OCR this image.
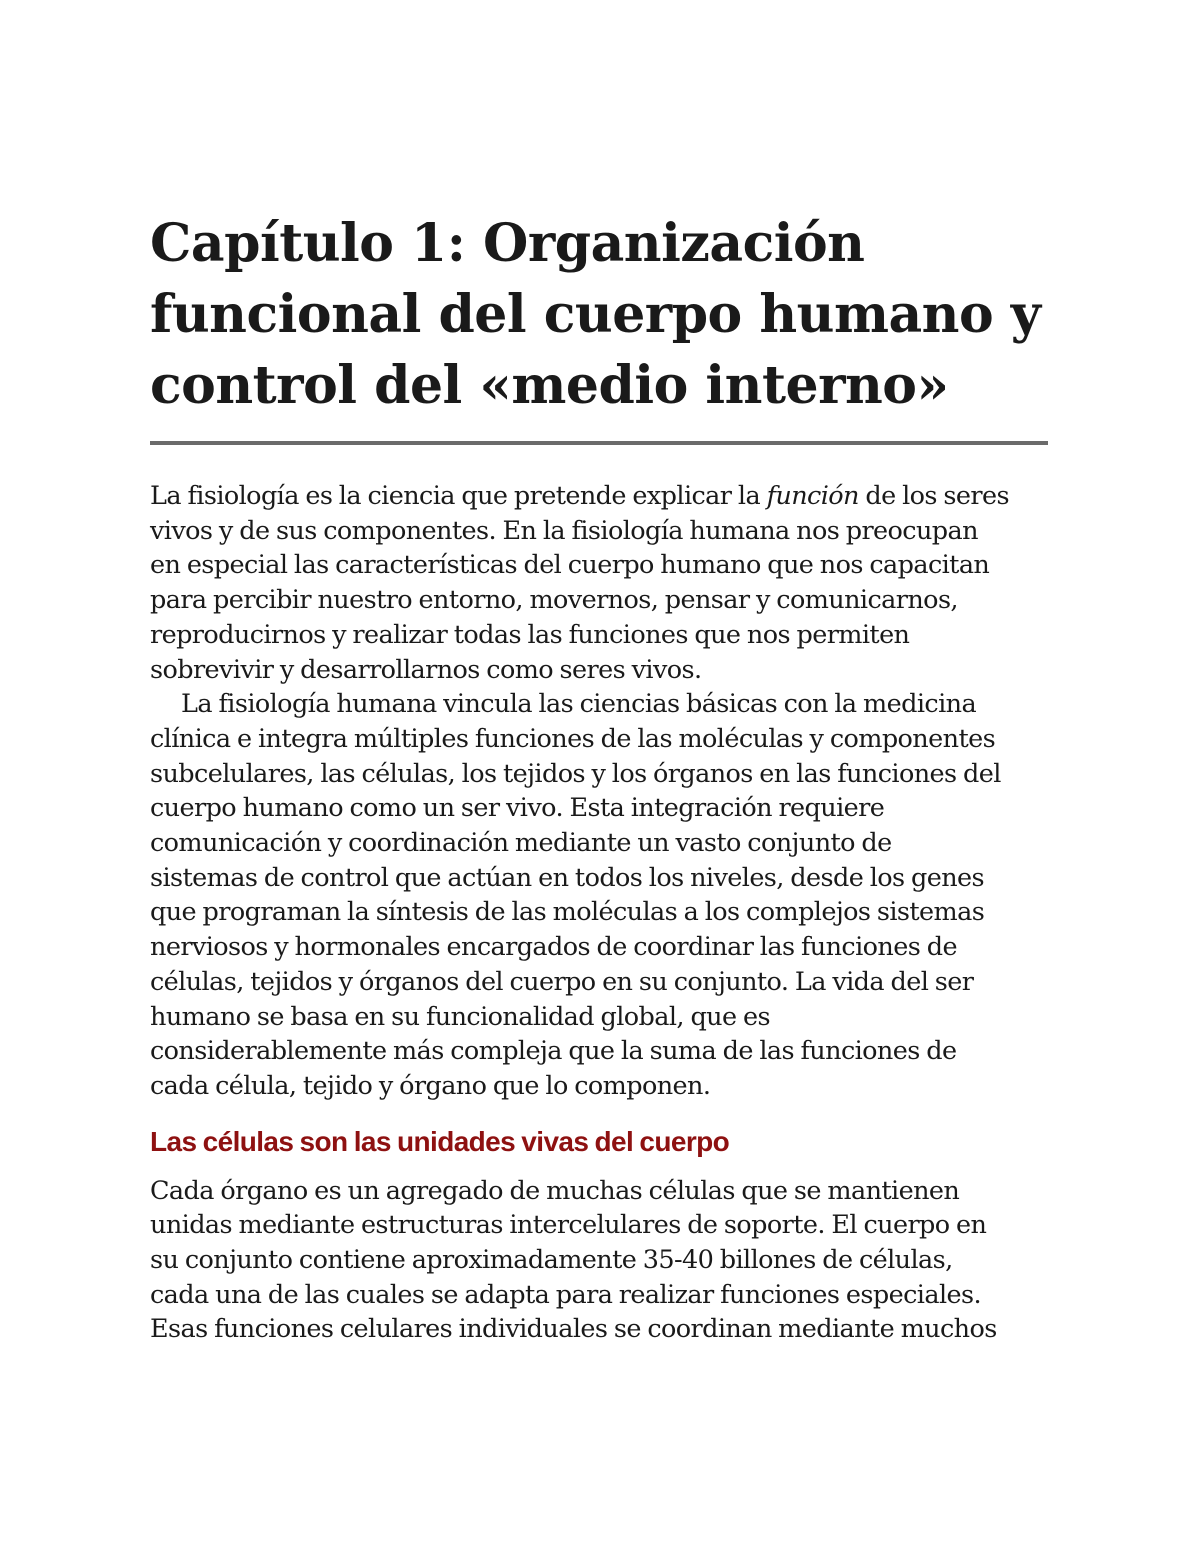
Capítulo 1: Organización
funcional del cuerpo humano y
control del «medio interno»
La fisiología es la ciencia que pretende explicar la función de los seres
vivos y de sus componentes. En la fisiología humana nos preocupan
en especial las características del cuerpo humano que nos capacitan
para percibir nuestro entorno, movernos, pensar y comunicarnos,
reproducirnos y realizar todas las funciones que nos permiten
sobrevivir y desarrollarnos como seres vivos.
La fisiología humana vincula las ciencias básicas con la medicina
clínica e integra múltiples funciones de las moléculas y componentes
subcelulares, las células, los tejidos y los órganos en las funciones del
cuerpo humano como un ser vivo. Esta integración requiere
comunicación y coordinación mediante un vasto conjunto de
sistemas de control que actúan en todos los niveles, desde los genes
que programan la síntesis de las moléculas a los complejos sistemas
nerviosos y hormonales encargados de coordinar las funciones de
células, tejidos y órganos del cuerpo en su conjunto. La vida del ser
humano se basa en su funcionalidad global, que es
considerablemente más compleja que la suma de las funciones de
cada célula, tejido y órgano que lo componen.
Las células son las unidades vivas del cuerpo
Cada órgano es un agregado de muchas células que se mantienen
unidas mediante estructuras intercelulares de soporte. El cuerpo en
su conjunto contiene aproximadamente 35-40 billones de células,
cada una de las cuales se adapta para realizar funciones especiales.
Esas funciones celulares individuales se coordinan mediante muchos
